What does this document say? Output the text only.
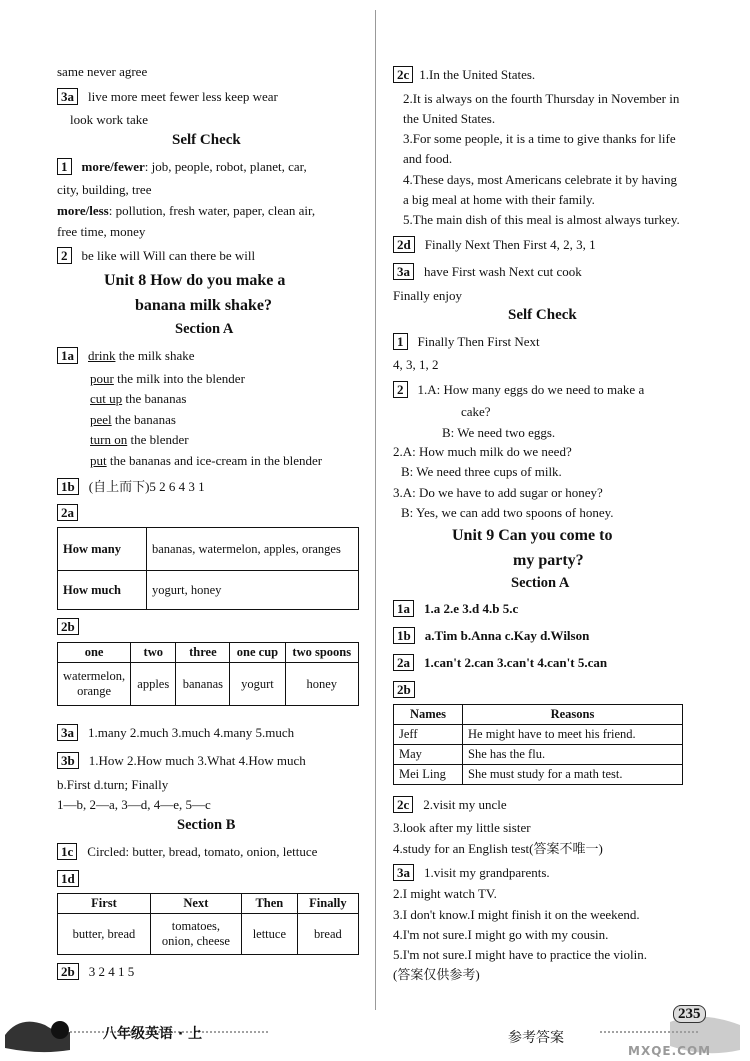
same never agree
3a live more meet fewer less keep wear
look work take
Self Check
1 more/fewer: job, people, robot, planet, car,
city, building, tree
more/less: pollution, fresh water, paper, clean air,
free time, money
2 be like will Will can there be will
Unit 8 How do you make a
banana milk shake?
Section A
1a drink the milk shake
pour the milk into the blender
cut up the bananas
peel the bananas
turn on the blender
put the bananas and ice-cream in the blender
1b (自上而下)5 2 6 4 3 1
2a
How many	bananas, watermelon, apples, oranges
How much	yogurt, honey
2b
one	two	three	one cup	two spoons
watermelon, orange	apples	bananas	yogurt	honey
3a 1.many 2.much 3.much 4.many 5.much
3b 1.How 2.How much 3.What 4.How much
b.First d.turn; Finally
1—b, 2—a, 3—d, 4—e, 5—c
Section B
1c Circled: butter, bread, tomato, onion, lettuce
1d
First	Next	Then	Finally
butter, bread	tomatoes, onion, cheese	lettuce	bread
2b 3 2 4 1 5
2c 1.In the United States.
2.It is always on the fourth Thursday in November in
the United States.
3.For some people, it is a time to give thanks for life
and food.
4.These days, most Americans celebrate it by having
a big meal at home with their family.
5.The main dish of this meal is almost always turkey.
2d Finally Next Then First 4, 2, 3, 1
3a have First wash Next cut cook
Finally enjoy
Self Check
1 Finally Then First Next
4, 3, 1, 2
2 1.A: How many eggs do we need to make a
cake?
B: We need two eggs.
2.A: How much milk do we need?
B: We need three cups of milk.
3.A: Do we have to add sugar or honey?
B: Yes, we can add two spoons of honey.
Unit 9 Can you come to
my party?
Section A
1a 1.a 2.e 3.d 4.b 5.c
1b a.Tim b.Anna c.Kay d.Wilson
2a 1.can't 2.can 3.can't 4.can't 5.can
2b
Names	Reasons
Jeff	He might have to meet his friend.
May	She has the flu.
Mei Ling	She must study for a math test.
2c 2.visit my uncle
3.look after my little sister
4.study for an English test(答案不唯一)
3a 1.visit my grandparents.
2.I might watch TV.
3.I don't know.I might finish it on the weekend.
4.I'm not sure.I might go with my cousin.
5.I'm not sure.I might have to practice the violin.
(答案仅供参考)
八年级英语 · 上	参考答案
235
MXQE.COM
